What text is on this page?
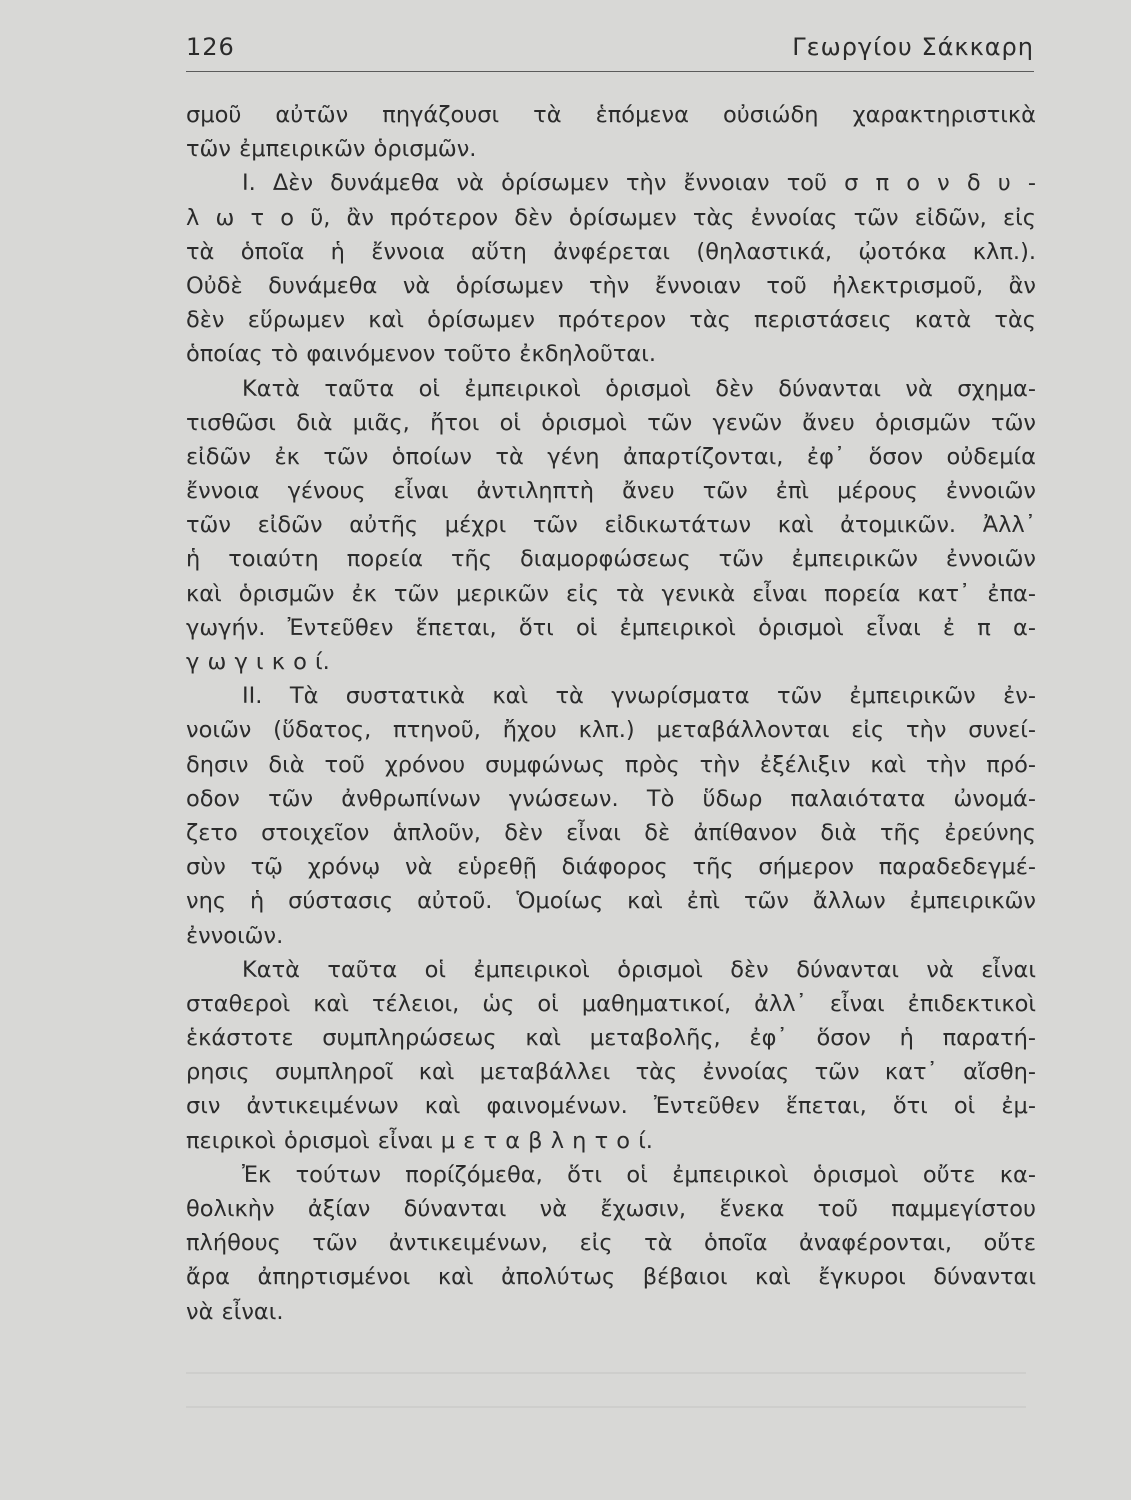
126	Γεωργίου Σάκκαρη
σμοῦ αὐτῶν πηγάζουσι τὰ ἑπόμενα οὐσιώδη χαρακτηριστικὰ
τῶν ἐμπειρικῶν ὁρισμῶν.
Ι. Δὲν δυνάμεθα νὰ ὁρίσωμεν τὴν ἔννοιαν τοῦ σ π ο ν δ υ -
λ ω τ ο ῦ, ἂν πρότερον δὲν ὁρίσωμεν τὰς ἐννοίας τῶν εἰδῶν, εἰς
τὰ ὁποῖα ἡ ἔννοια αὕτη ἀνφέρεται (θηλαστικά, ᾠοτόκα κλπ.).
Οὐδὲ δυνάμεθα νὰ ὁρίσωμεν τὴν ἔννοιαν τοῦ ἠλεκτρισμοῦ, ἂν
δὲν εὕρωμεν καὶ ὁρίσωμεν πρότερον τὰς περιστάσεις κατὰ τὰς
ὁποίας τὸ φαινόμενον τοῦτο ἐκδηλοῦται.
Κατὰ ταῦτα οἱ ἐμπειρικοὶ ὁρισμοὶ δὲν δύνανται νὰ σχημα-
τισθῶσι διὰ μιᾶς, ἤτοι οἱ ὁρισμοὶ τῶν γενῶν ἄνευ ὁρισμῶν τῶν
εἰδῶν ἐκ τῶν ὁποίων τὰ γένη ἀπαρτίζονται, ἐφ᾿ ὅσον οὐδεμία
ἔννοια γένους εἶναι ἀντιληπτὴ ἄνευ τῶν ἐπὶ μέρους ἐννοιῶν
τῶν εἰδῶν αὐτῆς μέχρι τῶν εἰδικωτάτων καὶ ἀτομικῶν. Ἀλλ᾿
ἡ τοιαύτη πορεία τῆς διαμορφώσεως τῶν ἐμπειρικῶν ἐννοιῶν
καὶ ὁρισμῶν ἐκ τῶν μερικῶν εἰς τὰ γενικὰ εἶναι πορεία κατ᾿ ἐπα-
γωγήν. Ἐντεῦθεν ἕπεται, ὅτι οἱ ἐμπειρικοὶ ὁρισμοὶ εἶναι ἐ π α-
γ ω γ ι κ ο ί.
ΙΙ. Τὰ συστατικὰ καὶ τὰ γνωρίσματα τῶν ἐμπειρικῶν ἐν-
νοιῶν (ὕδατος, πτηνοῦ, ἤχου κλπ.) μεταβάλλονται εἰς τὴν συνεί-
δησιν διὰ τοῦ χρόνου συμφώνως πρὸς τὴν ἐξέλιξιν καὶ τὴν πρό-
οδον τῶν ἀνθρωπίνων γνώσεων. Τὸ ὕδωρ παλαιότατα ὠνομά-
ζετο στοιχεῖον ἁπλοῦν, δὲν εἶναι δὲ ἀπίθανον διὰ τῆς ἐρεύνης
σὺν τῷ χρόνῳ νὰ εὑρεθῇ διάφορος τῆς σήμερον παραδεδεγμέ-
νης ἡ σύστασις αὐτοῦ. Ὁμοίως καὶ ἐπὶ τῶν ἄλλων ἐμπειρικῶν
ἐννοιῶν.
Κατὰ ταῦτα οἱ ἐμπειρικοὶ ὁρισμοὶ δὲν δύνανται νὰ εἶναι
σταθεροὶ καὶ τέλειοι, ὡς οἱ μαθηματικοί, ἀλλ᾿ εἶναι ἐπιδεκτικοὶ
ἑκάστοτε συμπληρώσεως καὶ μεταβολῆς, ἐφ᾿ ὅσον ἡ παρατή-
ρησις συμπληροῖ καὶ μεταβάλλει τὰς ἐννοίας τῶν κατ᾿ αἴσθη-
σιν ἀντικειμένων καὶ φαινομένων. Ἐντεῦθεν ἕπεται, ὅτι οἱ ἐμ-
πειρικοὶ ὁρισμοὶ εἶναι μ ε τ α β λ η τ ο ί.
Ἐκ τούτων πορίζόμεθα, ὅτι οἱ ἐμπειρικοὶ ὁρισμοὶ οὔτε κα-
θολικὴν ἀξίαν δύνανται νὰ ἔχωσιν, ἕνεκα τοῦ παμμεγίστου
πλήθους τῶν ἀντικειμένων, εἰς τὰ ὁποῖα ἀναφέρονται, οὔτε
ἄρα ἀπηρτισμένοι καὶ ἀπολύτως βέβαιοι καὶ ἔγκυροι δύνανται
νὰ εἶναι.
